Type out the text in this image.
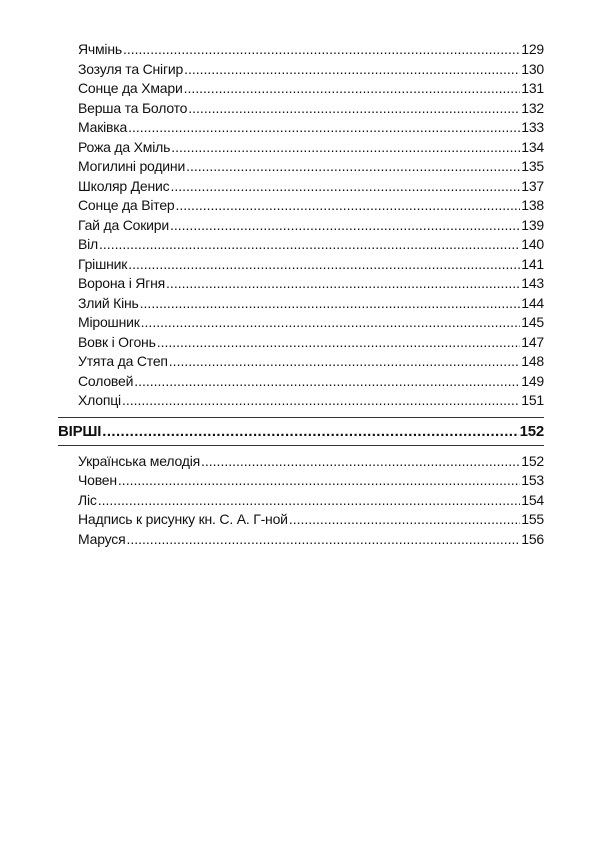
Ячмінь .....	129
Зозуля та Снігир .....	130
Сонце да Хмари .....	131
Верша та Болото .....	132
Маківка .....	133
Рожа да Хміль .....	134
Могилині родини .....	135
Школяр Денис .....	137
Сонце да Вітер .....	138
Гай да Сокири .....	139
Віл .....	140
Грішник .....	141
Ворона і Ягня .....	143
Злий Кінь .....	144
Мірошник .....	145
Вовк і Огонь .....	147
Утята да Степ .....	148
Соловей .....	149
Хлопці .....	151
ВІРШІ .....	152
Українська мелодія .....	152
Човен .....	153
Ліс .....	154
Надпись к рисунку кн. С. А. Г-ной .....	155
Маруся .....	156
